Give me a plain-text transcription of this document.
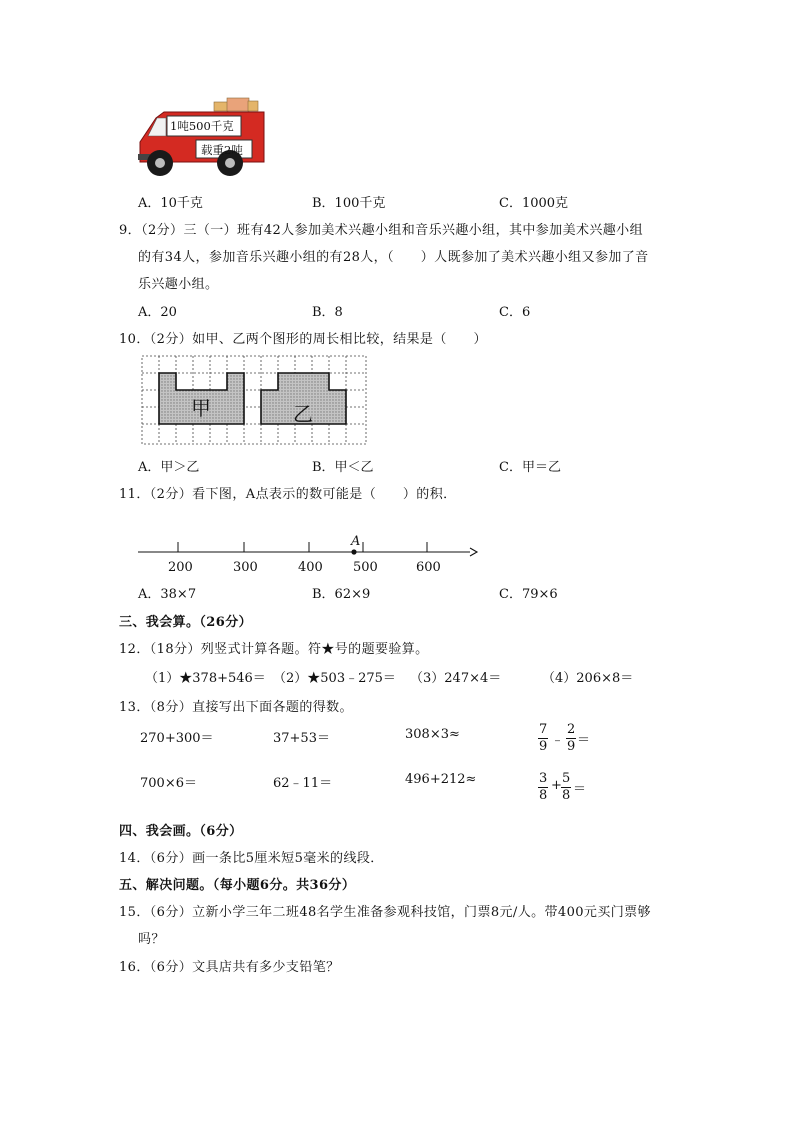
1吨500千克
载重2吨
A．10千克	B．100千克	C．1000克
9．（2分）三（一）班有42人参加美术兴趣小组和音乐兴趣小组，其中参加美术兴趣小组
的有34人，参加音乐兴趣小组的有28人，（　　）人既参加了美术兴趣小组又参加了音
乐兴趣小组。
A．20	B．8	C．6
10．（2分）如甲、乙两个图形的周长相比较，结果是（　　）
甲	乙
A．甲＞乙	B．甲＜乙	C．甲＝乙
11．（2分）看下图，A点表示的数可能是（　　）的积．
A
200	300	400 500	600
A．38×7	B．62×9	C．79×6
三、我会算。（26分）
12．（18分）列竖式计算各题。符★号的题要验算。
（1）★378+546＝ （2）★503﹣275＝ （3）247×4＝	（4）206×8＝
13．（8分）直接写出下面各题的得数。
270+300＝	37+53＝	308×3≈	$\frac{7}{9}$ ﹣ $\frac{2}{9}$ ＝
700×6＝	62﹣11＝	496+212≈	$\frac{3}{8} + \frac{5}{8}$ ＝
四、我会画。（6分）
14．（6分）画一条比5厘米短5毫米的线段．
五、解决问题。（每小题6分。共36分）
15．（6分）立新小学三年二班48名学生准备参观科技馆，门票8元/人。带400元买门票够
吗？
16．（6分）文具店共有多少支铅笔？
